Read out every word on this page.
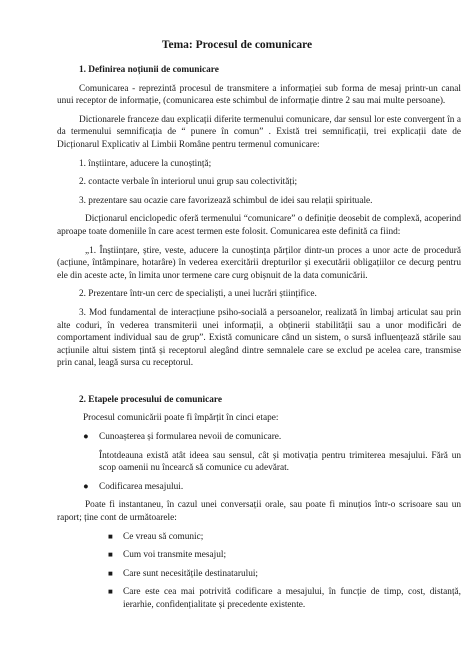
Tema: Procesul de comunicare

1. Definirea noțiunii de comunicare

Comunicarea - reprezintă procesul de transmitere a informației sub forma de mesaj printr-un canal unui receptor de informație, (comunicarea este schimbul de informație dintre 2 sau mai multe persoane).

Dictionarele franceze dau explicații diferite termenului comunicare, dar sensul lor este convergent în a da termenului semnificația de “ punere în comun” . Există trei semnificații, trei explicații date de Dicționarul Explicativ al Limbii Române pentru termenul comunicare:

1. înștiintare, aducere la cunoștință;

2. contacte verbale în interiorul unui grup sau colectivități;

3. prezentare sau ocazie care favorizează schimbul de idei sau relații spirituale.

Dicționarul enciclopedic oferă termenului “comunicare” o definiție deosebit de complexă, acoperind aproape toate domeniile în care acest termen este folosit. Comunicarea este definită ca fiind:

„1. Înștiințare, știre, veste, aducere la cunoștința părților dintr-un proces a unor acte de procedură (acțiune, întâmpinare, hotarâre) în vederea exercitării drepturilor și executării obligațiilor ce decurg pentru ele din aceste acte, în limita unor termene care curg obișnuit de la data comunicării.

2. Prezentare într-un cerc de specialiști, a unei lucrări științifice.

3. Mod fundamental de interacțiune psiho-socială a persoanelor, realizată în limbaj articulat sau prin alte coduri, în vederea transmiterii unei informații, a obținerii stabilității sau a unor modificări de comportament individual sau de grup”. Există comunicare când un sistem, o sursă influențează stările sau acțiunile altui sistem țintă și receptorul alegând dintre semnalele care se exclud pe acelea care, transmise prin canal, leagă sursa cu receptorul.

2. Etapele procesului de comunicare

Procesul comunicării poate fi împărțit în cinci etape:

● Cunoașterea și formularea nevoii de comunicare.

Întotdeauna există atât ideea sau sensul, cât și motivația pentru trimiterea mesajului. Fără un scop oamenii nu încearcă să comunice cu adevărat.

● Codificarea mesajului.

Poate fi instantaneu, în cazul unei conversații orale, sau poate fi minuțios într-o scrisoare sau un raport; ține cont de următoarele:

■ Ce vreau să comunic;

■ Cum voi transmite mesajul;

■ Care sunt necesitățile destinatarului;

■ Care este cea mai potrivită codificare a mesajului, în funcție de timp, cost, distanță, ierarhie, confidențialitate și precedente existente.
